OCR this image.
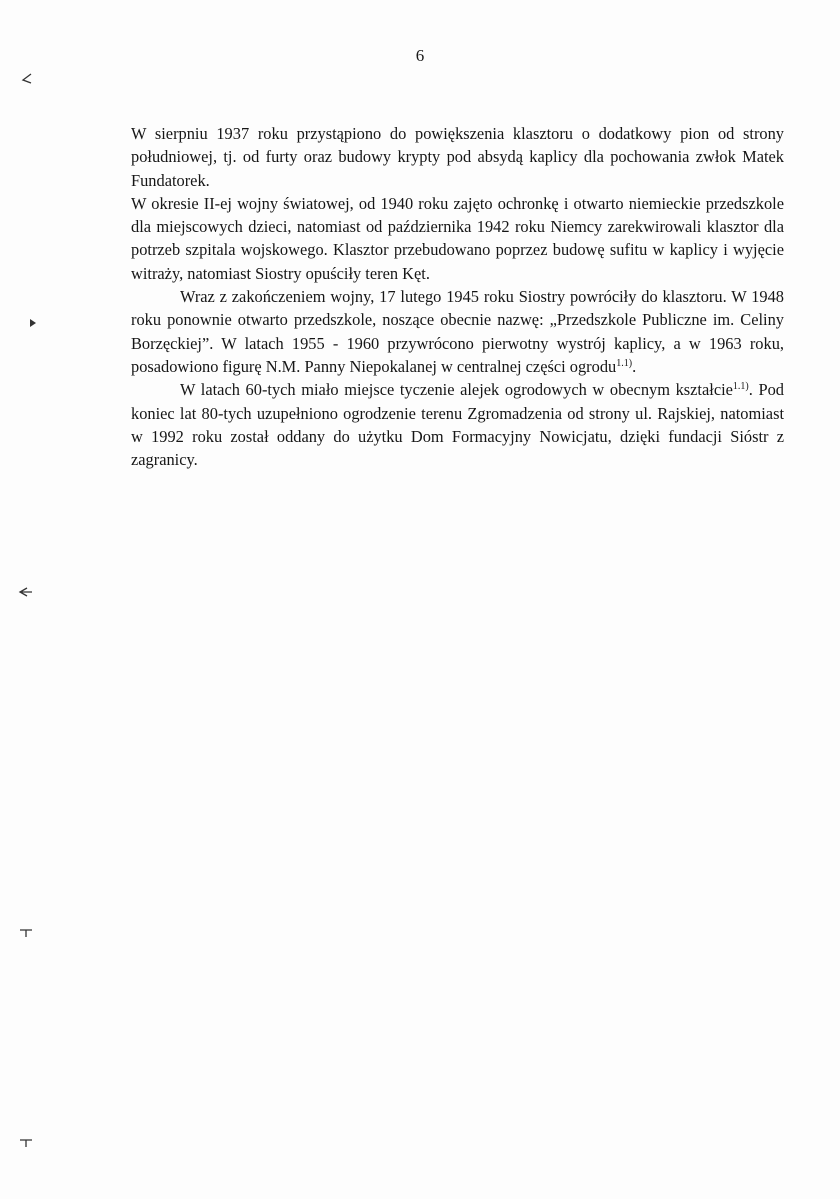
6

W sierpniu 1937 roku przystąpiono do powiększenia klasztoru o dodatkowy pion od strony południowej, tj. od furty oraz budowy krypty pod absydą kaplicy dla pochowania zwłok Matek Fundatorek.

W okresie II-ej wojny światowej, od 1940 roku zajęto ochronkę i otwarto niemieckie przedszkole dla miejscowych dzieci, natomiast od października 1942 roku Niemcy zarekwirowali klasztor dla potrzeb szpitala wojskowego. Klasztor przebudowano poprzez budowę sufitu w kaplicy i wyjęcie witraży, natomiast Siostry opuściły teren Kęt.

Wraz z zakończeniem wojny, 17 lutego 1945 roku Siostry powróciły do klasztoru. W 1948 roku ponownie otwarto przedszkole, noszące obecnie nazwę: „Przedszkole Publiczne im. Celiny Borzęckiej”. W latach 1955 - 1960 przywrócono pierwotny wystrój kaplicy, a w 1963 roku, posadowiono figurę N.M. Panny Niepokalanej w centralnej części ogrodu$^{1.1)}$.

W latach 60-tych miało miejsce tyczenie alejek ogrodowych w obecnym kształcie$^{1.1)}$. Pod koniec lat 80-tych uzupełniono ogrodzenie terenu Zgromadzenia od strony ul. Rajskiej, natomiast w 1992 roku został oddany do użytku Dom Formacyjny Nowicjatu, dzięki fundacji Sióstr z zagranicy.
